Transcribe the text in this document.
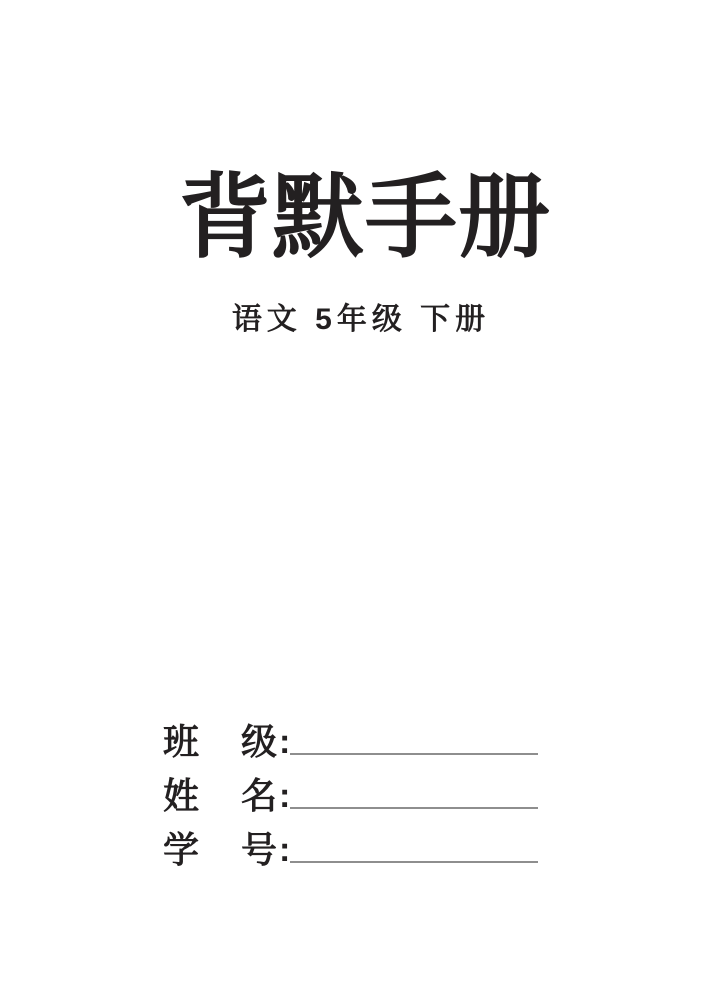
背默手册
语文 5年级 下册
班 级 :
姓 名 :
学 号 :
